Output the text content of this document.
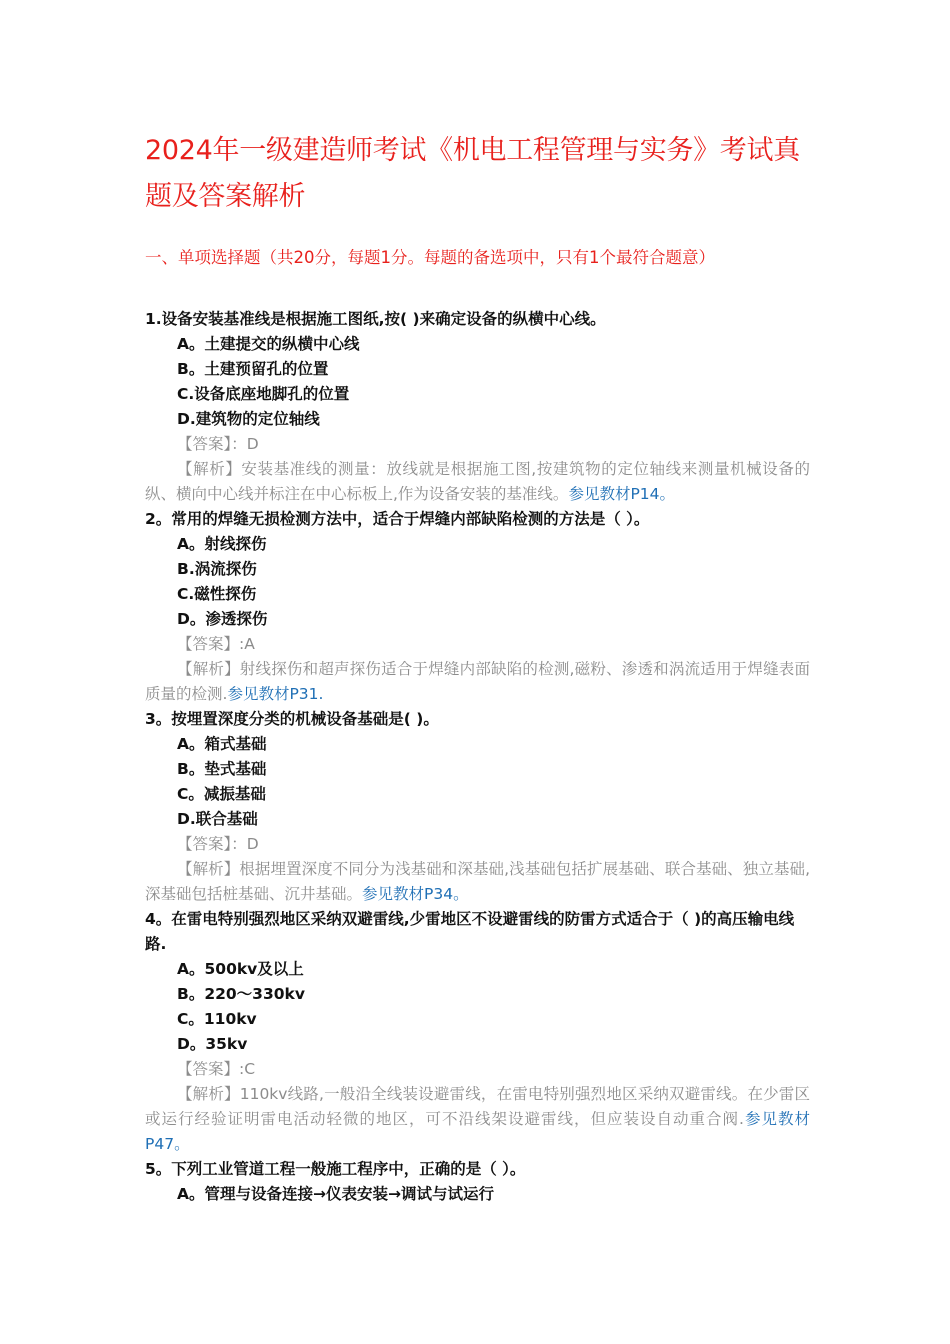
2024年一级建造师考试《机电工程管理与实务》考试真题及答案解析
一、单项选择题（共20分，每题1分。每题的备选项中，只有1个最符合题意）
1.设备安装基准线是根据施工图纸,按( )来确定设备的纵横中心线。
A。土建提交的纵横中心线
B。土建预留孔的位置
C.设备底座地脚孔的位置
D.建筑物的定位轴线
【答案】：D
【解析】安装基准线的测量：放线就是根据施工图,按建筑物的定位轴线来测量机械设备的纵、横向中心线并标注在中心标板上,作为设备安装的基准线。参见教材P14。
2。常用的焊缝无损检测方法中，适合于焊缝内部缺陷检测的方法是（ ）。
A。射线探伤
B.涡流探伤
C.磁性探伤
D。渗透探伤
【答案】:A
【解析】射线探伤和超声探伤适合于焊缝内部缺陷的检测,磁粉、渗透和涡流适用于焊缝表面质量的检测.参见教材P31.
3。按埋置深度分类的机械设备基础是( )。
A。箱式基础
B。垫式基础
C。减振基础
D.联合基础
【答案】：D
【解析】根据埋置深度不同分为浅基础和深基础,浅基础包括扩展基础、联合基础、独立基础,深基础包括桩基础、沉井基础。参见教材P34。
4。在雷电特别强烈地区采纳双避雷线,少雷地区不设避雷线的防雷方式适合于（ )的高压输电线路.
A。500kv及以上
B。220～330kv
C。110kv
D。35kv
【答案】:C
【解析】110kv线路,一般沿全线装设避雷线，在雷电特别强烈地区采纳双避雷线。在少雷区或运行经验证明雷电活动轻微的地区，可不沿线架设避雷线，但应装设自动重合阀.参见教材P47。
5。下列工业管道工程一般施工程序中，正确的是（ ）。
A。管理与设备连接→仪表安装→调试与试运行
